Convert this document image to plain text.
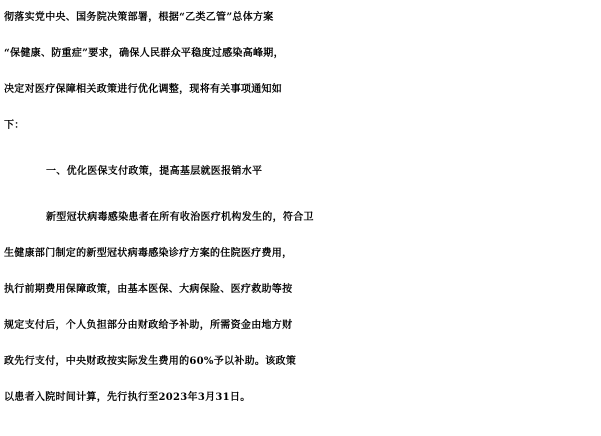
彻落实党中央、国务院决策部署，根据“乙类乙管”总体方案
“保健康、防重症”要求，确保人民群众平稳度过感染高峰期，
决定对医疗保障相关政策进行优化调整，现将有关事项通知如
下：
一、优化医保支付政策，提高基层就医报销水平
新型冠状病毒感染患者在所有收治医疗机构发生的，符合卫
生健康部门制定的新型冠状病毒感染诊疗方案的住院医疗费用，
执行前期费用保障政策，由基本医保、大病保险、医疗救助等按
规定支付后，个人负担部分由财政给予补助，所需资金由地方财
政先行支付，中央财政按实际发生费用的60%予以补助。该政策
以患者入院时间计算，先行执行至2023年3月31日。
